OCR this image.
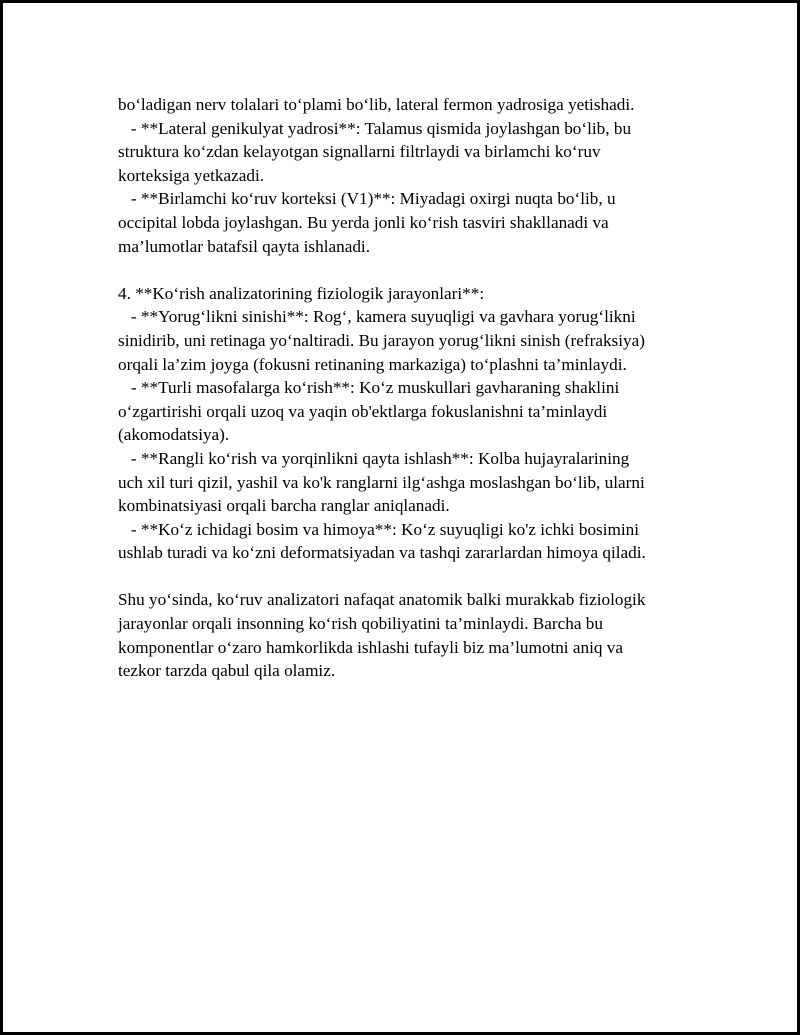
bo‘ladigan nerv tolalari to‘plami bo‘lib, lateral fermon yadrosiga yetishadi.
- **Lateral genikulyat yadrosi**: Talamus qismida joylashgan bo‘lib, bu
struktura ko‘zdan kelayotgan signallarni filtrlaydi va birlamchi ko‘ruv
korteksiga yetkazadi.
- **Birlamchi ko‘ruv korteksi (V1)**: Miyadagi oxirgi nuqta bo‘lib, u
occipital lobda joylashgan. Bu yerda jonli ko‘rish tasviri shakllanadi va
ma’lumotlar batafsil qayta ishlanadi.
4. **Ko‘rish analizatorining fiziologik jarayonlari**:
- **Yorug‘likni sinishi**: Rog‘, kamera suyuqligi va gavhara yorug‘likni
sinidirib, uni retinaga yo‘naltiradi. Bu jarayon yorug‘likni sinish (refraksiya)
orqali la’zim joyga (fokusni retinaning markaziga) to‘plashni ta’minlaydi.
- **Turli masofalarga ko‘rish**: Ko‘z muskullari gavharaning shaklini
o‘zgartirishi orqali uzoq va yaqin ob'ektlarga fokuslanishni ta’minlaydi
(akomodatsiya).
- **Rangli ko‘rish va yorqinlikni qayta ishlash**: Kolba hujayralarining
uch xil turi qizil, yashil va ko'k ranglarni ilg‘ashga moslashgan bo‘lib, ularni
kombinatsiyasi orqali barcha ranglar aniqlanadi.
- **Ko‘z ichidagi bosim va himoya**: Ko‘z suyuqligi ko'z ichki bosimini
ushlab turadi va ko‘zni deformatsiyadan va tashqi zararlardan himoya qiladi.
Shu yo‘sinda, ko‘ruv analizatori nafaqat anatomik balki murakkab fiziologik
jarayonlar orqali insonning ko‘rish qobiliyatini ta’minlaydi. Barcha bu
komponentlar o‘zaro hamkorlikda ishlashi tufayli biz ma’lumotni aniq va
tezkor tarzda qabul qila olamiz.
